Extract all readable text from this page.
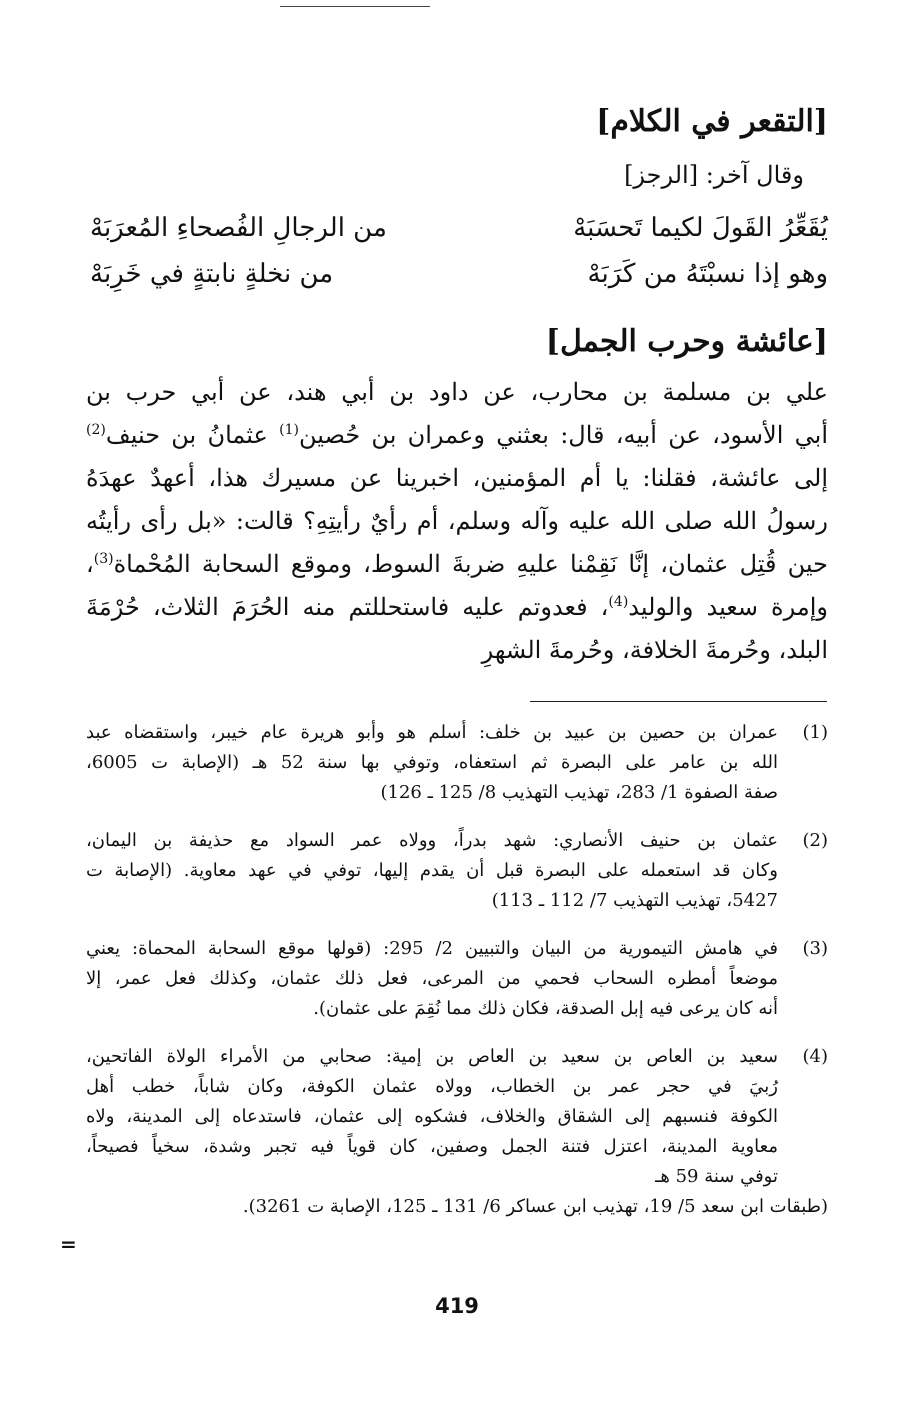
[التقعر في الكلام]
وقال آخر: [الرجز]
يُقَعِّرُ القَولَ لكيما تَحسَبَهْ
من الرجالِ الفُصحاءِ المُعرَبَهْ
وهو إذا نسبْتَهُ من كَرَبَهْ
من نخلةٍ نابتةٍ في خَرِبَهْ
[عائشة وحرب الجمل]
علي بن مسلمة بن محارب، عن داود بن أبي هند، عن أبي حرب بن
أبي الأسود، عن أبيه، قال: بعثني وعمران بن حُصين$^{(1)}$ عثمانُ بن حنيف$^{(2)}$
إلى عائشة، فقلنا: يا أم المؤمنين، اخبرينا عن مسيرك هذا، أعهدٌ عهدَهُ
رسولُ الله صلى الله عليه وآله وسلم، أم رأيٌ رأيتِهِ؟ قالت: «بل رأى رأيتُه
حين قُتِل عثمان، إنَّا نَقِمْنا عليهِ ضربةَ السوط، وموقع السحابة المُحْماة$^{(3)}$،
وإمرة سعيد والوليد$^{(4)}$، فعدوتم عليه فاستحللتم منه الحُرَمَ الثلاث، حُرْمَةَ
البلد، وحُرمةَ الخلافة، وحُرمةَ الشهرِ
(1)
عمران بن حصين بن عبيد بن خلف: أسلم هو وأبو هريرة عام خيبر، واستقضاه عبد
الله بن عامر على البصرة ثم استعفاه، وتوفي بها سنة 52 هـ (الإصابة ت 6005،
صفة الصفوة 1/ 283، تهذيب التهذيب 8/ 125 ـ 126)
(2)
عثمان بن حنيف الأنصاري: شهد بدراً، وولاه عمر السواد مع حذيفة بن اليمان،
وكان قد استعمله على البصرة قبل أن يقدم إليها، توفي في عهد معاوية. (الإصابة ت
5427، تهذيب التهذيب 7/ 112 ـ 113)
(3)
في هامش التيمورية من البيان والتبيين 2/ 295: (قولها موقع السحابة المحماة: يعني
موضعاً أمطره السحاب فحمي من المرعى، فعل ذلك عثمان، وكذلك فعل عمر، إلا
أنه كان يرعى فيه إبل الصدقة، فكان ذلك مما نُقِمَ على عثمان).
(4)
سعيد بن العاص بن سعيد بن العاص بن إمية: صحابي من الأمراء الولاة الفاتحين،
رُبيَ في حجر عمر بن الخطاب، وولاه عثمان الكوفة، وكان شاباً، خطب أهل
الكوفة فنسبهم إلى الشقاق والخلاف، فشكوه إلى عثمان، فاستدعاه إلى المدينة، ولاه
معاوية المدينة، اعتزل فتنة الجمل وصفين، كان قوياً فيه تجبر وشدة، سخياً فصيحاً،
توفي سنة 59 هـ
(طبقات ابن سعد 5/ 19، تهذيب ابن عساكر 6/ 131 ـ 125، الإصابة ت 3261).
=
419
